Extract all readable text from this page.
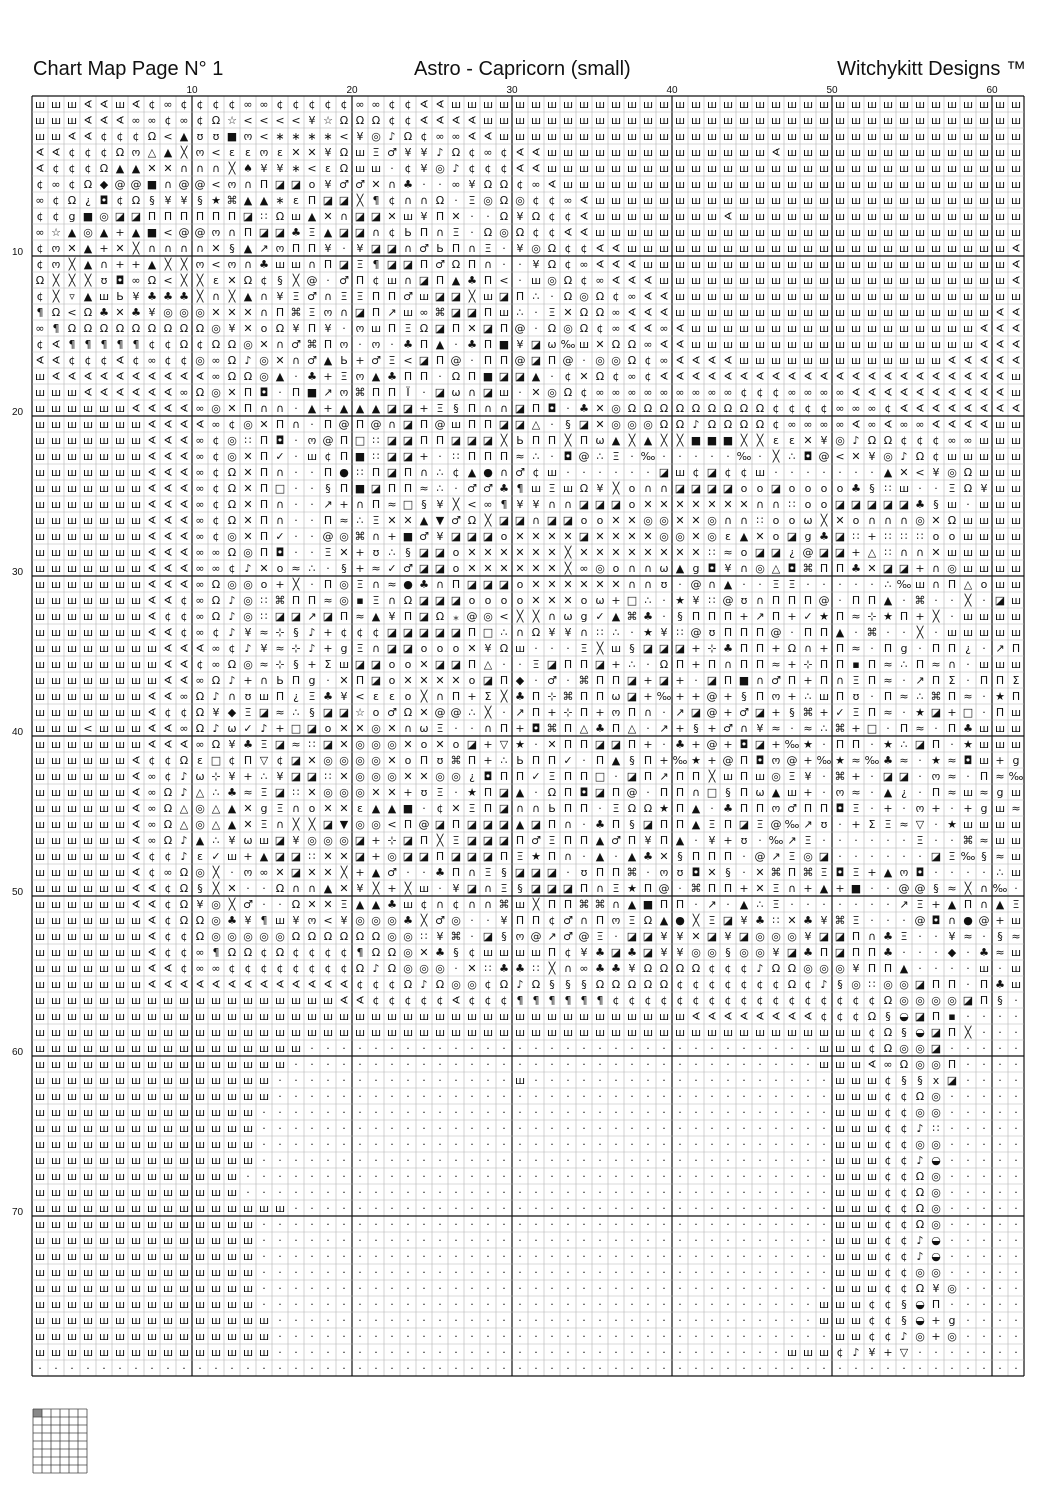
Chart Map Page N° 1	Astro - Capricorn (small)	Witchykitt Designs ™
10	20	30	40	50	60
10
20
30
40
50
60
70
ш ш ш ∢ ∢ ш ∢ ¢ ∞ ¢ ¢ ¢ ¢ ∞ ∞ ¢ ¢ ¢ ¢ ¢ ∞ ∞ ¢ ¢ ∢ ∢ ш ш ш ш ш ш ш ш ш ш ш ш ш ш ш ш ш ш ш ш ш ш ш ш ш ш ш ш ш ш ш ш ш ш ш ш
ш ш ш ∢ ∢ ∢ ∞ ∞ ¢ ∞ ¢ Ω ☆ < < < < ¥ ☆ Ω Ω Ω ¢ ¢ ∢ ∢ ∢ ∢ ш ш ш ш ш ш ш ш ш ш ш ш ш ш ш ш ш ш ш ш ш ш ш ш ш ш ш ш ш ш ш ш ш ш
ш ш ∢ ∢ ¢ ¢ ¢ Ω < ▲ ʊ ʊ ■ ო < ∗ ∗ ∗ ∗ < ¥ ◎ ♪ Ω ¢ ∞ ∞ ∢ ∢ ш ш ш ш ш ш ш ш ш ш ш ш ш ш ш ш ш ш ш ш ш ш ш ш ш ш ш ш ш ш ш ш ш
∢ ∢ ¢ ¢ ¢ Ω ო △ ▲ ╳ ო < ε ε ო ε ✕ ✕ ¥ Ω ш Ξ ♂ ¥ ¥ ♪ Ω ¢ ∞ ¢ ∢ ∢ ш ш ш ш ш ш ш ш ш ш ш ш ш ш ∢ ш ш ш ш ш ш ш ш ш ш ш ш ш ш ш
∢ ¢ ¢ ¢ Ω ▲ ▲ ✕ ✕ ∩ ∩ ∩ ╳ ♠ ¥ ¥ ∗ < ε Ω ш ш · ¢ ¥ ◎ ♪ ¢ ¢ ¢ ∢ ∢ ш ш ш ш ш ш ш ш ш ш ш ш ш ш ш ш ш ш ш ш ш ш ш ш ш ш ш ш ш ш
¢ ∞ ¢ Ω ◆ @ @ ■ ∩ @ @ < ო ∩ Π ◪ ◪ о ¥ ♂ ♂ ✕ ∩ ♣ · · ∞ ¥ Ω Ω ¢ ∞ ∢ ш ш ш ш ш ш ш ш ш ш ш ш ш ш ш ш ш ш ш ш ш ш ш ш ш ш ш ш ш
∞ ¢ Ω ¿ ◘ ¢ Ω § ¥ ¥ § ★ ⌘ ▲ ▲ ∗ ε Π ◪ ◪ ╳ ¶ ¢ ∩ ∩ Ω · Ξ ◎ Ω ◎ ¢ ¢ ∞ ∢ ш ш ш ш ш ш ш ш ш ш ш ш ш ш ш ш ш ш ш ш ш ш ш ш ш ш ш
¢ ¢ g ■ ◎ ◪ ◪ Π Π Π Π Π Π ◪ ∷ Ω ш ▲ ✕ ∩ ◪ ◪ ✕ ш ¥ Π ✕ · · Ω ¥ Ω ¢ ¢ ∢ ш ш ш ш ш ш ш ш ∢ ш ш ш ш ш ш ш ш ш ш ш ш ш ш ш ш ш ш
∞ ☆ ▲ ◎ ▲ + ▲ ■ < @ @ ო ∩ Π ◪ ◪ ♣ Ξ ▲ ◪ ◪ ∩ ¢ Ь Π ∩ Ξ · Ω ◎ Ω ¢ ¢ ∢ ∢ ш ш ш ш ш ш ш ш ш ш ш ш ш ш ш ш ш ш ш ш ш ш ш ш ш ш ш
¢ ო ✕ ▲ + ✕ ╳ ∩ ∩ ∩ ∩ ✕ § ▲ ↗ ო Π Π ¥ · ¥ ◪ ◪ ∩ ♂ Ь Π ∩ Ξ · ¥ ◎ Ω ¢ ¢ ∢ ∢ ш ш ш ш ш ш ш ш ш ш ш ш ш ш ш ш ш ш ш ш ш ш ш ш ∢
¢ ო ╳ ▲ ∩ + + ▲ ╳ ╳ ო < ო ∩ ♣ ш ш ∩ Π ◪ Ξ ¶ ◪ ◪ Π ♂ Ω Π ∩ · · ¥ Ω ¢ ∞ ∢ ∢ ∢ ш ш ш ш ш ш ш ш ш ш ш ш ш ш ш ш ш ш ш ш ш ш ш ∢
Ω ╳ ╳ ╳ ʊ ◘ ∞ Ω < ╳ ╳ ε ✕ Ω ¢ § ╳ @ · ♂ Π ¢ ш ∩ ◪ Π ▲ ♣ Π < · ш ◎ Ω ¢ ∞ ∢ ∢ ∢ ш ш ш ш ш ш ш ш ш ш ш ш ш ш ш ш ш ш ш ш ш ш ∢
¢ ╳ ▿ ▲ ш Ь ¥ ♣ ♣ ♣ ╳ ∩ ╳ ▲ ∩ ¥ Ξ ♂ ∩ Ξ Ξ Π Π ♂ ш ◪ ◪ ╳ ш ◪ Π ∴ · Ω ◎ Ω ¢ ∞ ∢ ∢ ш ш ш ш ш ш ш ш ш ш ш ш ш ш ш ш ш ш ш ш ш ш
¶ Ω < Ω ♣ ✕ ♣ ¥ ◎ ◎ ◎ ✕ ✕ ✕ ∩ Π ⌘ Ξ ო ∩ ◪ Π ↗ ш ∞ ⌘ ◪ ◪ Π ш ∴ · Ξ ✕ Ω Ω ∞ ∢ ∢ ∢ ш ш ш ш ш ш ш ш ш ш ш ш ш ш ш ш ш ш ш ш ∢ ∢
∞ ¶ Ω Ω Ω Ω Ω Ω Ω Ω Ω ◎ ¥ ✕ о Ω ¥ Π ¥ · ო ш Π Ξ Ω ◪ Π ✕ ◪ Π @ · Ω ◎ Ω ¢ ∞ ∢ ∢ ∞ ∢ ш ш ш ш ш ш ш ш ш ш ш ш ш ш ш ш ш ш ∢ ∢ ∢
¢ ∢ ¶ ¶ ¶ ¶ ¶ ¢ ¢ Ω ¢ Ω Ω ◎ ✕ ∩ ♂ ⌘ Π ო · ო · ♣ Π ▲ · ♣ Π ■ ¥ ◪ ω ‰ ш ✕ Ω Ω ∞ ∢ ∢ ш ш ш ш ш ш ш ш ш ш ш ш ш ш ш ш ш ш ∢ ∢ ∢
∢ ∢ ¢ ¢ ¢ ∢ ¢ ∞ ¢ ¢ ◎ ∞ Ω ♪ ◎ ✕ ∩ ♂ ▲ Ь + ♂ Ξ < ◪ Π @ · Π Π @ ◪ Π @ · ◎ ◎ Ω ¢ ∞ ∢ ∢ ∢ ∢ ш ш ш ш ш ш ш ш ш ш ш ш ш ∢ ∢ ∢ ∢ ∢
ш ∢ ∢ ∢ ∢ ∢ ∢ ∢ ∢ ∢ ∢ ∞ Ω Ω ◎ ▲ · ♣ + Ξ ო ▲ ♣ Π Π · Ω Π ■ ◪ ◪ ▲ · ¢ ✕ Ω ¢ ∞ ¢ ∢ ∢ ∢ ∢ ∢ ∢ ∢ ∢ ∢ ∢ ∢ ∢ ∢ ∢ ∢ ∢ ∢ ∢ ∢ ∢ ∢ ∢ ш
ш ш ш ∢ ∢ ∢ ∢ ∢ ∢ ∞ Ω ◎ ✕ Π ◘ · Π ■ ↗ ო ⌘ Π Π Ϊ · ◪ ω ∩ ◪ ш · ✕ ◎ Ω ¢ ∞ ∞ ∞ ∞ ∞ ∞ ∞ ∞ ∞ ¢ ¢ ¢ ∞ ∞ ∞ ∞ ∢ ∢ ∢ ∢ ∢ ∢ ∢ ∢ ∢ ∢ ш
ш ш ш ш ш ш ∢ ∢ ∢ ∢ ∞ ◎ ✕ Π ∩ ∩ · ▲ + ▲ ▲ ▲ ◪ ◪ + Ξ § Π ∩ ∩ ◪ Π ◘ · ♣ ✕ ◎ Ω Ω Ω Ω Ω Ω Ω Ω Ω ¢ ¢ ¢ ¢ ∞ ∞ ∞ ¢ ∢ ∢ ∢ ∢ ∢ ∢ ∢ ∢
ш ш ш ш ш ш ш ∢ ∢ ∢ ∢ ∞ ¢ ◎ ✕ Π ∩ · Π @ Π @ ∩ ◪ Π @ ш Π Π ◪ ◪ △ · § ◪ ✕ ◎ ◎ ◎ Ω Ω ♪ Ω Ω Ω Ω ¢ ∞ ∞ ∞ ∞ ∢ ∞ ∢ ∞ ∞ ∢ ∢ ∢ ∢ ш ш
ш ш ш ш ш ш ш ∢ ∢ ∢ ∞ ¢ ◎ ∷ Π ◘ · ო @ Π □ ∷ ◪ ◪ Π Π ◪ ◪ ◪ ╳ Ь Π Π ╳ Π ω ▲ ╳ ▲ ╳ ╳ ■ ■ ■ ╳ ╳ ε ε ✕ ¥ ◎ ♪ Ω Ω ¢ ¢ ¢ ∞ ∞ ш ш ш
ш ш ш ш ш ш ш ∢ ∢ ∢ ∞ ¢ ◎ ✕ Π ✓ · ш ¢ Π ■ ∷ ◪ ◪ + · ∷ Π Π Π ≈ ∴ · ◘ @ ∴ Ξ · ‰ · · · · · ‰ · ╳ ∴ ◘ @ < ✕ ¥ ◎ ♪ Ω ¢ ш ш ш ш ш
ш ш ш ш ш ш ш ∢ ∢ ∢ ∞ ¢ Ω ✕ Π ∩ · · Π ● ∷ Π ◪ Π ∩ ∴ ¢ ▲ ● ∩ ♂ ¢ ш · · · · · · ◪ ш ¢ ◪ ¢ ¢ ш · · · · · · · ▲ ✕ < ¥ ◎ Ω ш ш ш
ш ш ш ш ш ш ш ∢ ∢ ∢ ∞ ¢ Ω ✕ Π □ · · § Π ■ ◪ Π Π ≈ ∴ · ♂ ♂ ♣ ¶ ш Ξ ш Ω ¥ ╳ о ∩ ∩ ◪ ◪ ◪ ◪ о о ◪ о о о о ♣ § ∷ ш · · Ξ Ω ¥ ш ш
ш ш ш ш ш ш ш ∢ ∢ ∢ ∞ ¢ Ω ✕ Π ∩ · · ↗ + ∩ Π ≈ □ § ¥ ╳ < ∞ ¶ ¥ ¥ ∩ ∩ ◪ ◪ ◪ о ✕ ✕ ✕ ✕ ✕ ✕ ✕ ∩ ∩ ∷ о о ◪ ◪ ◪ ◪ ◪ ♣ § ш · ш ш ш
ш ш ш ш ш ш ш ∢ ∢ ∢ ∞ ¢ Ω ✕ Π ∩ · · Π ≈ ∴ Ξ ✕ ✕ ▲ ▼ ♂ Ω ╳ ◪ ◪ ∩ ◪ ◪ о о ✕ ✕ ◎ ◎ ✕ ✕ ◎ ∩ ∩ ∷ о о ω ╳ ✕ о ∩ ∩ ∩ ◎ ✕ Ω ш ш ш ш
ш ш ш ш ш ш ш ∢ ∢ ∢ ∞ ¢ ◎ ✕ Π ✓ · · @ ◎ ⌘ ∩ + ■ ♂ ¥ ◪ ◪ ◪ о ✕ ✕ ✕ ✕ ◪ ✕ ✕ ✕ ✕ ◎ ◎ ✕ ◎ ε ▲ ✕ о ◪ g ♣ ◪ ∷ + ∷ ∷ ∷ о о ш ш ш ш
ш ш ш ш ш ш ш ∢ ∢ ∢ ∞ ∞ Ω ◎ Π ◘ · · Ξ ✕ + ʊ ∴ § ◪ ◪ о ✕ ✕ ✕ ✕ ✕ ✕ ╳ ✕ ✕ ✕ ✕ ✕ ✕ ✕ ✕ ∷ ≈ о ◪ ◪ ¿ @ ◪ ◪ + △ ∷ ∩ ∩ ✕ ш ш ш ш ш
ш ш ш ш ш ш ш ∢ ∢ ∢ ∞ ∞ ¢ ♪ ✕ о ≈ ∴ · § + ≈ ✓ ♂ ◪ ◪ о ✕ ✕ ✕ ✕ ✕ ✕ ╳ ∞ ◎ о ∩ ∩ ω ▲ g ◘ ¥ ∩ ◎ △ ◘ ⌘ Π Π ♣ ✕ ◪ ◪ + ∩ ◎ ш ш ш ш
ш ш ш ш ш ш ш ∢ ∢ ∢ ∞ Ω ◎ ◎ о + ╳ · Π ◎ Ξ ∩ ≈ ● ♣ ∩ Π ◪ ◪ ◪ о ✕ ✕ ✕ ✕ ✕ ✕ ∩ ∩ ʊ · @ ∩ ▲ · · Ξ Ξ · · · · · ∴ ‰ ш ∩ Π △ о ш ш
ш ш ш ш ш ш ш ∢ ∢ ¢ ∞ Ω ♪ ◎ ∷ ⌘ Π Π ≈ ◎ ▪ Ξ ∩ Ω ◪ ◪ ◪ о о о о ✕ ✕ ✕ о ω + □ ∴ · ★ ¥ ∷ @ ʊ ∩ Π Π Π @ · Π Π ▲ · ⌘ · · ╳ · ◪ ш
ш ш ш ш ш ш ш ∢ ¢ ¢ ∞ Ω ♪ ◎ ∷ ◪ ◪ ↗ ◪ Π ≈ ▲ ¥ Π ◪ Ω ⁎ @ ◎ < ╳ ╳ ∩ ω g ✓ ▲ ⌘ ♣ · § Π Π Π + ↗ Π + ✓ ★ Π ≈ ⊹ ★ Π + ╳ · ш ш ш ш
ш ш ш ш ш ш ш ∢ ∢ ¢ ∞ ¢ ♪ ¥ ≈ ⊹ § ♪ + ¢ ¢ ¢ ◪ ◪ ◪ ◪ ◪ Π □ ∴ ∩ Ω ¥ ¥ ∩ ∷ ∴ · ★ ¥ ∷ @ ʊ Π Π Π @ · Π Π ▲ · ⌘ · · ╳ · ш ш ш ш ш
ш ш ш ш ш ш ш ш ∢ ∢ ∢ ∞ ¢ ♪ ¥ ≈ ⊹ ♪ + g Ξ ∩ ◪ ◪ о о о ✕ ¥ Ω ш · · · Ξ ╳ ш § ◪ ◪ ◪ + ⊹ ♣ Π Π + Ω ∩ + Π ≈ · Π g · Π Π ¿ · ↗ Π
ш ш ш ш ш ш ш ш ∢ ∢ ¢ ∞ Ω ◎ ≈ ⊹ § + Σ ш ◪ ◪ о о ✕ ◪ ◪ Π △ · · Ξ ◪ Π Π ◪ + ∴ · Ω Π + Π ∩ Π Π ≈ + ⊹ Π Π ▪ Π ≈ ∴ Π ≈ ∩ · ш ш ш
ш ш ш ш ш ш ш ш ∢ ∢ ∞ Ω ♪ + ∩ Ь Π g · ✕ Π ◪ о ✕ ✕ ✕ ✕ о ◪ Π ◆ · ♂ · ⌘ Π Π ◪ + ◪ + · ◪ Π ■ ∩ ♂ Π + Π ∩ Ξ Π ≈ · ↗ Π Σ · Π Π Σ
ш ш ш ш ш ш ш ∢ ∢ ∞ Ω ♪ ∩ ʊ ш Π ¿ Ξ ♣ ¥ < ε ε о ╳ ∩ Π + Σ ╳ ♣ Π ⊹ ⌘ Π Π ω ◪ + ‰ + + @ + § Π ო + ∴ ш Π ʊ · Π ≈ ∴ ⌘ Π ≈ · ★ Π
ш ш ш ш ш ш ш ∢ ¢ ¢ Ω ¥ ◆ Ξ ◪ ≈ ∴ § ◪ ◪ ☆ о ♂ Ω ✕ @ @ ∴ ╳ · ↗ Π + ⊹ Π + ო Π ∩ · ↗ ◪ @ + ♂ ◪ + § ⌘ + ✓ Ξ Π ≈ · ★ ◪ + □ · Π ш
ш ш ш < ш ш ш ∢ ∢ ∞ Ω ♪ ω ✓ ♪ + □ ◪ о ✕ ✕ ◎ ✕ ∩ ω Ξ · · ∩ Π + ◘ ⌘ Π △ ♣ Π △ · ↗ + § + ♂ ∩ ¥ ≈ · ≈ ∴ ⌘ + □ · Π ≈ · Π ♣ ш ш ш
ш ш ш ш ш ш ш ∢ ∢ ∢ ∞ Ω ¥ ♣ Ξ ◪ ≈ ∷ ◪ ✕ ◎ ◎ ◎ ✕ о ✕ о ◪ + ▽ ★ · ✕ Π Π ◪ ◪ Π + · ♣ + @ + ◘ ◪ + ‰ ★ · Π Π · ★ ∴ ◪ Π · ★ ш ш ш
ш ш ш ш ш ш ∢ ¢ ¢ Ω ε □ ¢ Π ▽ ¢ ◪ ✕ ◎ ◎ ◎ ◎ ✕ о Π ʊ ⌘ Π + ∴ Ь Π Π ✓ · Π ▲ § Π + ‰ ★ + @ Π ◘ ო @ + ‰ ★ ≈ ‰ ♣ ≈ · ★ ≈ ◘ ш + g
ш ш ш ш ш ш ∢ ∞ ¢ ♪ ω ⊹ ¥ + ∴ ¥ ◪ ◪ ∷ ✕ ◎ ◎ ◎ ✕ ✕ ◎ ◎ ¿ ◘ Π Π ✓ Ξ Π Π □ · ◪ Π ↗ Π Π ╳ ш Π ш ◎ Ξ ¥ · ⌘ + · ◪ ◪ · ო ≈ · Π ≈ ‰
ш ш ш ш ш ш ∢ ∞ Ω ♪ △ ∴ ♣ ≈ Ξ ◪ ∷ ✕ ◎ ◎ ◎ ✕ ✕ + ʊ Ξ · ★ Π ◪ ▲ · Ω Π ◘ ◪ Π @ · Π Π ∩ □ § Π ω ▲ ш + · ო ≈ · ▲ ¿ · Π ≈ ш ≈ g ш
ш ш ш ш ш ш ∢ ∞ Ω △ ◎ △ ▲ ✕ g Ξ ∩ о ✕ ✕ ε ▲ ▲ ■ · ¢ ✕ Ξ Π ◪ ∩ ∩ Ь Π Π · Ξ Ω Ω ★ Π ▲ · ♣ Π Π ო ♂ Π Π ◘ Ξ · + · ო + · + g ш ≈
ш ш ш ш ш ш ∢ ∞ Ω △ ◎ △ ▲ ✕ Ξ ∩ ╳ ╳ ◪ ▼ ◎ ◎ < Π @ ◪ Π ◪ ◪ ◪ ▲ ◪ Π ∩ · ♣ Π § ◪ Π Π ▲ Ξ Π ◪ Ξ @ ‰ ↗ ʊ · + Σ Ξ ≈ ▽ · ★ ш ш ш ш
ш ш ш ш ш ш ∢ ∞ Ω ♪ ▲ ∴ ¥ ω ш ◪ ¥ ◎ ◎ ◎ ◪ + ⊹ ◪ Π ╳ Ξ ◪ ◪ ◪ Π ♂ Ξ Π Π ▲ ♂ Π ¥ Π ▲ · ¥ + ʊ · ‰ ↗ Ξ · · · · · · Ξ · · ⌘ ≈ ш ш
ш ш ш ш ш ш ∢ ¢ ¢ ♪ ε ✓ ш + ▲ ◪ ◪ ∷ ✕ ✕ ◪ + ◎ ◪ ◪ Π ◪ ◪ ◪ Π Ξ ★ Π ∩ · ▲ · ▲ ♣ ✕ § Π Π Π · @ ↗ Ξ ◎ ◪ · · · · · · ◪ Ξ ‰ § ≈ ш
ш ш ш ш ш ш ∢ ¢ ∞ Ω ◎ ╳ · ო ∞ ✕ ◪ ✕ ✕ ╳ + ▲ ♂ · · ♣ Π ∩ Ξ § ◪ ◪ ◪ · ʊ Π Π ⌘ · ო ʊ ◘ ✕ § · ✕ ⌘ Π ⌘ Ξ ◘ Ξ + ▲ ო ◘ · · · · ∴ ш
ш ш ш ш ш ш ∢ ∢ ¢ Ω § ╳ ✕ · · Ω ∩ ∩ ▲ ✕ ¥ ╳ + ╳ ш · ¥ ◪ ∩ Ξ § ◪ ◪ ◪ Π ∩ Ξ ★ Π @ · ⌘ Π Π + ✕ Ξ ∩ + ▲ + ■ · · @ @ § ≈ ╳ ∩ ‰ ·
ш ш ш ш ш ш ∢ ∢ ¢ Ω ¥ ◎ ╳ ♂ · · Ω ✕ ✕ Ξ ▲ ▲ ♣ ш ¢ ∩ ¢ ∩ ∩ ⌘ ш ╳ Π Π ⌘ ⌘ ∩ ▲ ■ Π Π · ↗ · ▲ ∴ Ξ · · · · · · · ↗ Ξ + ▲ Π ∩ ▲ Ξ
ш ш ш ш ш ш ш ∢ ¢ Ω Ω ◎ ♣ ¥ ¶ ш ¥ ო < ¥ ◎ ◎ ◎ ♣ ╳ ♂ ◎ · · ¥ Π Π ¢ ♂ ∩ Π ო Ξ Ω ▲ ● ╳ Ξ ◪ ¥ ♣ ∷ ✕ ♣ ¥ ⌘ Ξ · · · @ ◘ ∩ ● @ + ш
ш ш ш ш ш ш ш ∢ ¢ ¢ Ω ◎ ◎ ◎ ◎ ◎ Ω Ω Ω Ω Ω Ω ◎ ◎ ∷ ¥ ⌘ · ◪ § ო @ ↗ ♂ @ Ξ · ◪ ◪ ¥ ¥ ✕ ◪ ¥ ◪ ◎ ◎ ◎ ¥ ◪ ◪ Π ∩ ♣ Ξ · · ¥ ≈ · § ≈
ш ш ш ш ш ш ш ∢ ¢ ¢ ∞ ¶ Ω Ω ¢ Ω ¢ ¢ ¢ ¢ ¶ Ω Ω ◎ ✕ ♣ § ¢ ш ш ш ш Π ¢ ¥ ♣ ◪ ♣ ◪ ¥ ¥ ◎ ◎ § ◎ ◎ ¥ ◪ ♣ Π ◪ Π Π ♣ · · · ◆ · ♣ ≈ ш
ш ш ш ш ш ш ш ∢ ∢ ¢ ∞ ∞ ¢ ¢ ¢ ¢ ¢ ¢ ¢ ¢ Ω ♪ Ω ◎ ◎ ◎ · ✕ ∷ ♣ ♣ ∷ ╳ ∩ ∞ ♣ ♣ ¥ Ω Ω Ω Ω ¢ ¢ ¢ ♪ Ω Ω ◎ ◎ ◎ ¥ Π Π ▲ · · · · ш · ш
ш ш ш ш ш ш ш ∢ ∢ ∢ ∢ ∢ ∢ ∢ ∢ ∢ ∢ ∢ ∢ ∢ ¢ ¢ ¢ Ω ♪ Ω ◎ ◎ ¢ Ω ♪ Ω § § § Ω Ω Ω Ω Ω ¢ ¢ ¢ ¢ ¢ ¢ ¢ Ω ¢ ♪ § ◎ ∷ ◎ ◎ ◪ Π Π · Π ♣ ш
ш ш ш ш ш ш ш ш ш ш ш ш ш ш ш ш ш ш ш ∢ ∢ ¢ ¢ ¢ ¢ ¢ ∢ ¢ ¢ ¢ ¶ ¶ ¶ ¶ ¶ ¶ ¢ ¢ ¢ ¢ ¢ ¢ ¢ ¢ ¢ ¢ ¢ ¢ ¢ ¢ ¢ ¢ ¢ Ω ◎ ◎ ◎ ◎ ◪ Π § ·
ш ш ш ш ш ш ш ш ш ш ш ш ш ш ш ш ш ш ш ш ш ш ш ш ш ш ш ш ш ш ш ш ш ш ш ш ш ш ш ш ш ∢ ∢ ∢ ∢ ∢ ∢ ∢ ∢ ¢ ¢ ¢ Ω § ◒ ◪ Π ▪ · · · ·
ш ш ш ш ш ш ш ш ш ш ш ш ш ш ш ш ш ш ш ш ш ш ш ш ш ш ш ш ш ш ш ш ш ш ш ш ш ш ш ш ш ш ш ш ш ш ш ш ш ш ш ш ¢ Ω § ◒ ◪ Π ╳ · · ·
ш ш ш ш ш ш ш ш ш ш ш ш ш ш ш ш ш · · · · · · · · · · · · · · · · · · · · · · · · · · · · · · · · ш ш ш ¢ Ω ◎ ◎ ◪ · · · · ·
ш ш ш ш ш ш ш ш ш ш ш ш ш ш ш ш · · · · · · · · · · · · · · · · · · · · · · · · · · · · · · · · · ш ш ш ∢ ∞ Ω ◎ ◎ Π · · · ·
ш ш ш ш ш ш ш ш ш ш ш ш ш ш ш · · · · · · · · · · · · · · · ш · · · · · · · · · · · · · · · · · · · ш ш ш ¢ § § х ◪ · · · ·
ш ш ш ш ш ш ш ш ш ш ш ш ш ш ш · · · · · · · · · · · · · · · · · · · · · · · · · · · · · · · · · · · ш ш ш ¢ ¢ Ω ◎ · · · · ·
ш ш ш ш ш ш ш ш ш ш ш ш ш ш · · · · · · · · · · · · · · · · · · · · · · · · · · · · · · · · · · · · ш ш ш ¢ ¢ ◎ ◎ · · · · ·
ш ш ш ш ш ш ш ш ш ш ш ш ш ш · · · · · · · · · · · · · · · · · · · · · · · · · · · · · · · · · · · · ш ш ш ¢ ¢ ♪ ∷ · · · · ·
ш ш ш ш ш ш ш ш ш ш ш ш ш ш · · · · · · · · · · · · · · · · · · · · · · · · · · · · · · · · · · · · ш ш ш ¢ ¢ ◎ ◎ · · · · ·
ш ш ш ш ш ш ш ш ш ш ш ш ш ш · · · · · · · · · · · · · · · · · · · · · · · · · · · · · · · · · · · · ш ш ш ¢ ¢ ♪ ◒ · · · · ·
ш ш ш ш ш ш ш ш ш ш ш ш ш · · · · · · · · · · · · · · · · · · · · · · · · · · · · · · · · · · · · · ш ш ш ¢ ¢ Ω ◎ · · · · ·
ш ш ш ш ш ш ш ш ш ш ш ш ш · · · · · · · · · · · · · · · · · · · · · · · · · · · · · · · · · · · · · ш ш ш ¢ ¢ Ω ◎ · · · · ·
ш ш ш ш ш ш ш ш ш ш ш ш ш ш ш ш · · · · · · · · · · · · · · · · · · · · · · · · · · · · · · · · · · ш ш ш ¢ ¢ Ω ◎ · · · · ·
ш ш ш ш ш ш ш ш ш ш ш ш ш ш · · · · · · · · · · · · · · · · · · · · · · · · · · · · · · · · · · · · ш ш ш ¢ ¢ Ω ◎ · · · · ·
ш ш ш ш ш ш ш ш ш ш ш ш ш ш · · · · · · · · · · · · · · · · · · · · · · · · · · · · · · · · · · · · ш ш ш ¢ ¢ ♪ ◒ · · · · ·
ш ш ш ш ш ш ш ш ш ш ш ш ш ш · · · · · · · · · · · · · · · · · · · · · · · · · · · · · · · · · · · · ш ш ш ¢ ¢ ♪ ◒ · · · · ·
ш ш ш ш ш ш ш ш ш ш ш ш ш ш · · · · · · · · · · · · · · · · · · · · · · · · · · · · · · · · · · · · ш ш ш ¢ ¢ ◎ ◎ · · · · ·
ш ш ш ш ш ш ш ш ш ш ш ш ш ш · · · · · · · · · · · · · · · · · · · · · · · · · · · · · · · · · · · · ш ш ш ¢ ¢ Ω ¥ ◎ · · · ·
ш ш ш ш ш ш ш ш ш ш ш ш ш ш · · · · · · · · · · · · · · · · · · · · · · · · · · · · · · · · · · · ш ш ш ¢ ¢ § ◒ Π · · · · ·
ш ш ш ш ш ш ш ш ш ш ш ш ш ш ш · · · · · · · · · · · · · · · · · · · · · · · · · · · · · · · · · · ш ш ш ¢ ¢ § ◒ + g · · · ·
ш ш ш ш ш ш ш ш ш ш ш ш ш ш ш · · · · · · · · · · · · · · · · · · · · · · · · · · · · · · · · · · · ш ш ¢ ¢ ♪ ◎ + ◎ · · · ·
ш ш ш ш ш ш ш ш ш ш ш ш ш ш ш · · · · · · · · · · · · · · · · · · · · · · · · · · · · · · · · ш ш ш ¢ ♪ ¥ + ▽ · · · · · · ·
· · · · · · · · · · · · · · · · · · · · · · · · · · · · · · · · · · · · · · · · · · · · · · · · · · · · · · · · · · · · · ·
